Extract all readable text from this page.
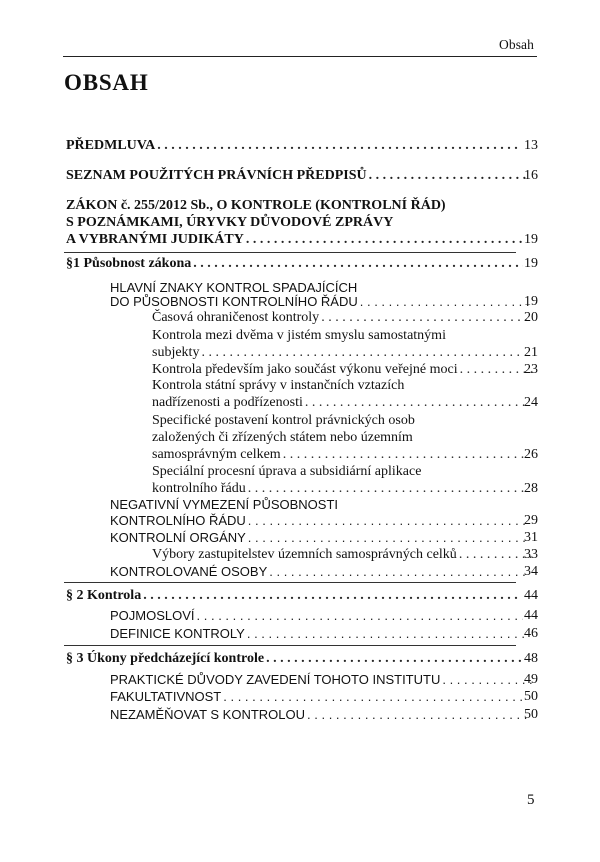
Obsah
OBSAH
PŘEDMLUVA . . .	13
SEZNAM POUŽITÝCH PRÁVNÍCH PŘEDPISŮ . . .	16
ZÁKON č. 255/2012 Sb., O KONTROLE (KONTROLNÍ ŘÁD)
S POZNÁMKAMI, ÚRYVKY DŮVODOVÉ ZPRÁVY
A VYBRANÝMI JUDIKÁTY . . .	19
§1 Působnost zákona . . .	19
HLAVNÍ ZNAKY KONTROL SPADAJÍCÍCH
DO PŮSOBNOSTI KONTROLNÍHO ŘÁDU . . .	19
Časová ohraničenost kontroly . . .	20
Kontrola mezi dvěma v jistém smyslu samostatnými
subjekty . . .	21
Kontrola především jako součást výkonu veřejné moci . . .	23
Kontrola státní správy v instančních vztazích
nadřízenosti a podřízenosti . . .	24
Specifické postavení kontrol právnických osob
založených či zřízených státem nebo územním
samosprávným celkem . . .	26
Speciální procesní úprava a subsidiární aplikace
kontrolního řádu . . .	28
NEGATIVNÍ VYMEZENÍ PŮSOBNOSTI
KONTROLNÍHO ŘÁDU . . .	29
KONTROLNÍ ORGÁNY . . .	31
Výbory zastupitelstev územních samosprávných celků . . .	33
KONTROLOVANÉ OSOBY . . .	34
§ 2 Kontrola . . .	44
POJMOSLOVÍ . . .	44
DEFINICE KONTROLY . . .	46
§ 3 Úkony předcházející kontrole . . .	48
PRAKTICKÉ DŮVODY ZAVEDENÍ TOHOTO INSTITUTU . . .	49
FAKULTATIVNOST . . .	50
NEZAMĚŇOVAT S KONTROLOU . . .	50
5
